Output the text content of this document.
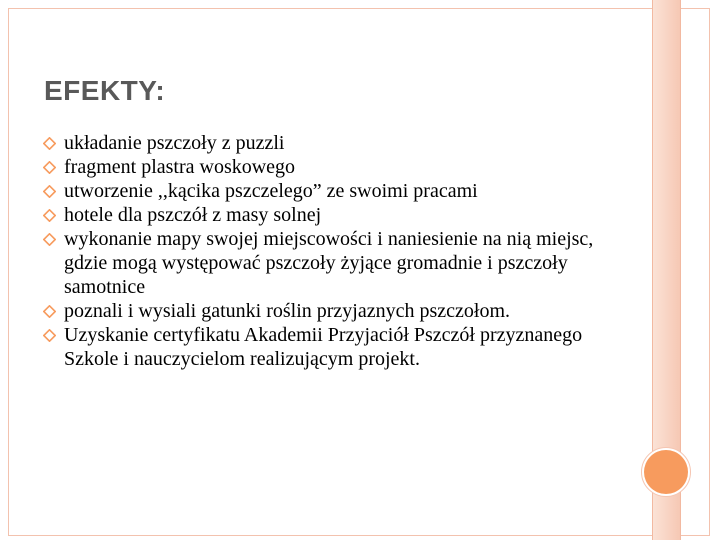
EFEKTY:
układanie pszczoły z puzzli
fragment plastra woskowego
utworzenie ,,kącika pszczelego” ze swoimi pracami
hotele dla pszczół z masy solnej
wykonanie mapy swojej miejscowości i naniesienie na nią miejsc, gdzie mogą występować pszczoły żyjące gromadnie i pszczoły samotnice
poznali i wysiali gatunki roślin przyjaznych pszczołom.
Uzyskanie certyfikatu Akademii Przyjaciół Pszczół przyznanego Szkole i nauczycielom realizującym projekt.
